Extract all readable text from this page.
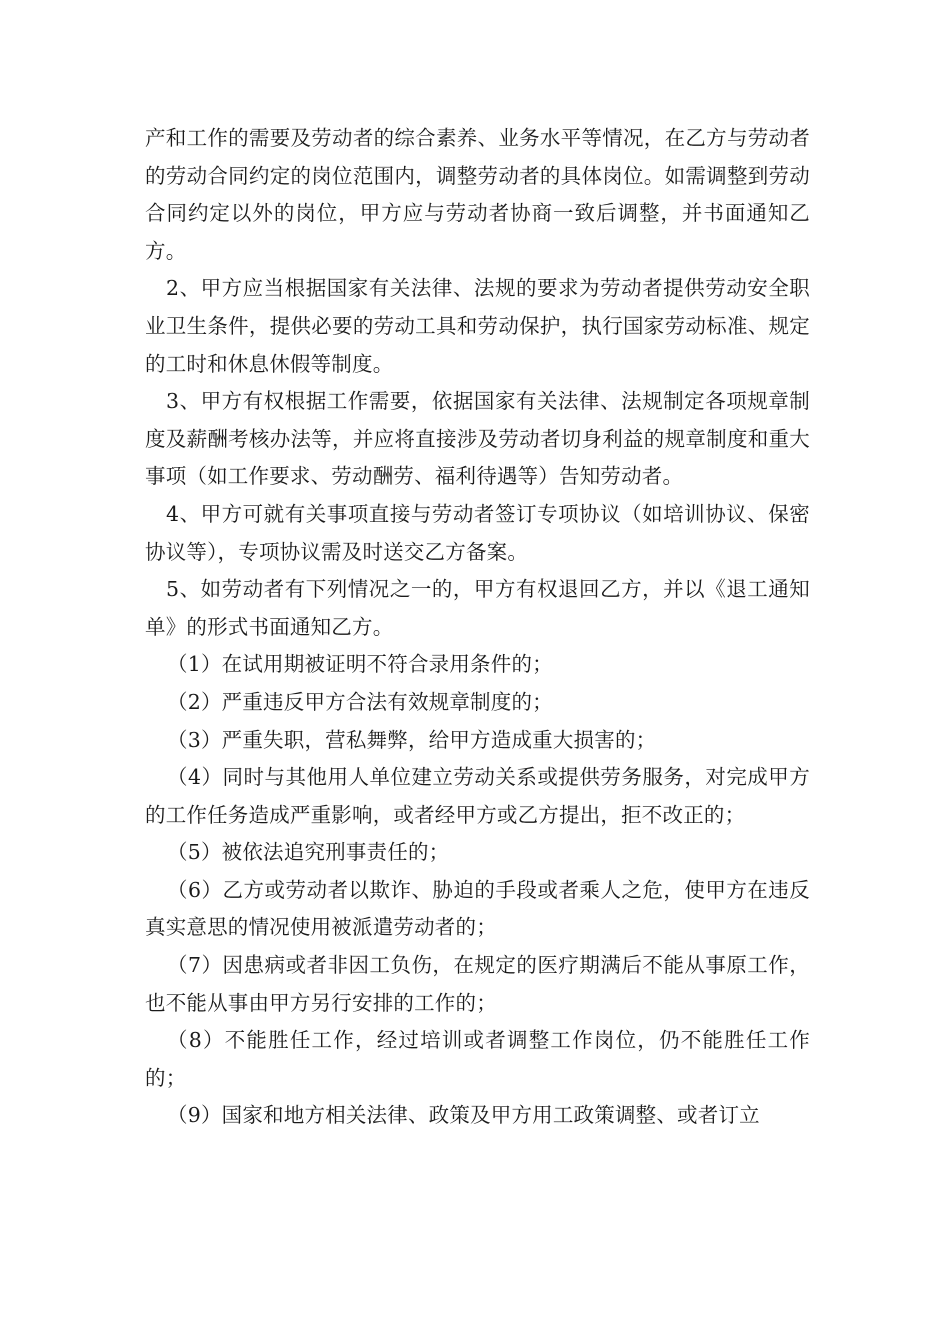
产和工作的需要及劳动者的综合素养、业务水平等情况，在乙方与劳动者的劳动合同约定的岗位范围内，调整劳动者的具体岗位。如需调整到劳动合同约定以外的岗位，甲方应与劳动者协商一致后调整，并书面通知乙方。

2、甲方应当根据国家有关法律、法规的要求为劳动者提供劳动安全职业卫生条件，提供必要的劳动工具和劳动保护，执行国家劳动标准、规定的工时和休息休假等制度。

3、甲方有权根据工作需要，依据国家有关法律、法规制定各项规章制度及薪酬考核办法等，并应将直接涉及劳动者切身利益的规章制度和重大事项（如工作要求、劳动酬劳、福利待遇等）告知劳动者。

4、甲方可就有关事项直接与劳动者签订专项协议（如培训协议、保密协议等），专项协议需及时送交乙方备案。

5、如劳动者有下列情况之一的，甲方有权退回乙方，并以《退工通知单》的形式书面通知乙方。

（1）在试用期被证明不符合录用条件的；

（2）严重违反甲方合法有效规章制度的；

（3）严重失职，营私舞弊，给甲方造成重大损害的；

（4）同时与其他用人单位建立劳动关系或提供劳务服务，对完成甲方的工作任务造成严重影响，或者经甲方或乙方提出，拒不改正的；

（5）被依法追究刑事责任的；

（6）乙方或劳动者以欺诈、胁迫的手段或者乘人之危，使甲方在违反真实意思的情况使用被派遣劳动者的；

（7）因患病或者非因工负伤，在规定的医疗期满后不能从事原工作，也不能从事由甲方另行安排的工作的；

（8）不能胜任工作，经过培训或者调整工作岗位，仍不能胜任工作的；

（9）国家和地方相关法律、政策及甲方用工政策调整、或者订立
